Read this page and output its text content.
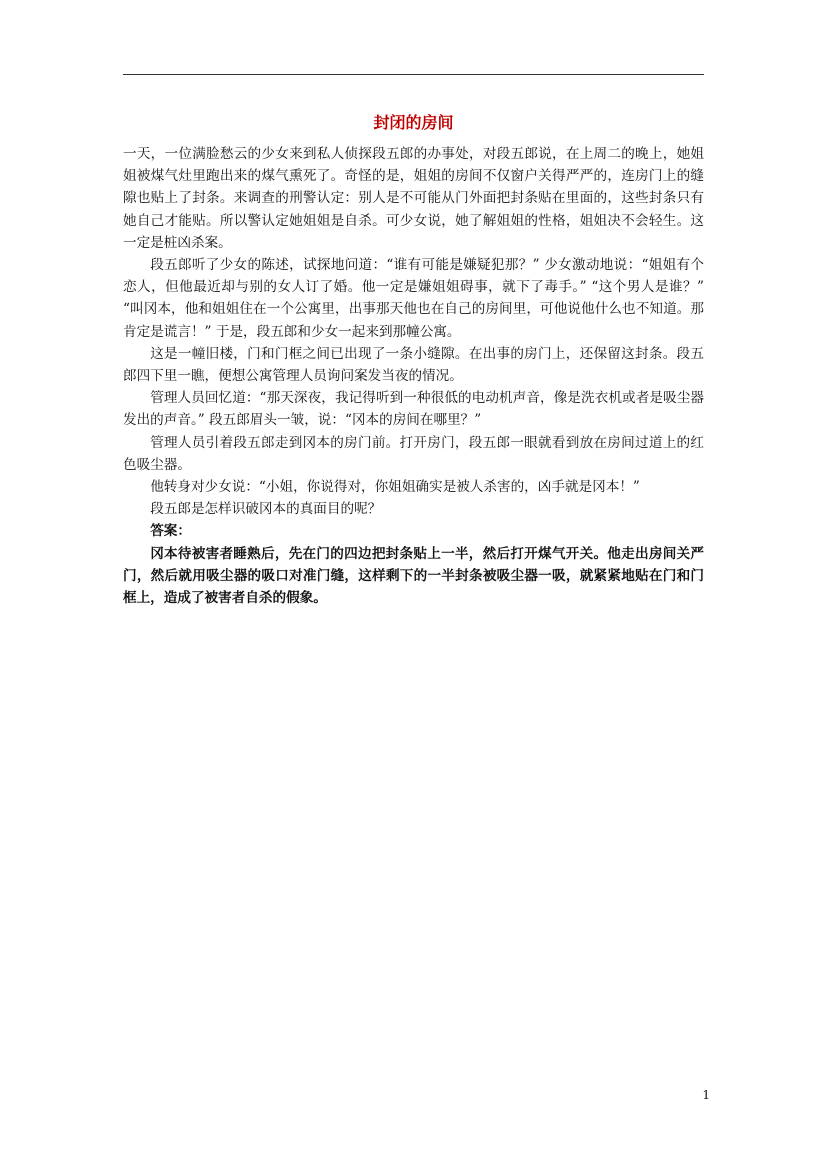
封闭的房间

一天，一位满脸愁云的少女来到私人侦探段五郎的办事处，对段五郎说，在上周二的晚上，她姐姐被煤气灶里跑出来的煤气熏死了。奇怪的是，姐姐的房间不仅窗户关得严严的，连房门上的缝隙也贴上了封条。来调查的刑警认定：别人是不可能从门外面把封条贴在里面的，这些封条只有她自己才能贴。所以警认定她姐姐是自杀。可少女说，她了解姐姐的性格，姐姐决不会轻生。这一定是桩凶杀案。

段五郎听了少女的陈述，试探地问道：“谁有可能是嫌疑犯那？” 少女激动地说：“姐姐有个恋人，但他最近却与别的女人订了婚。他一定是嫌姐姐碍事，就下了毒手。” “这个男人是谁？” “叫冈本，他和姐姐住在一个公寓里，出事那天他也在自己的房间里，可他说他什么也不知道。那肯定是谎言！” 于是，段五郎和少女一起来到那幢公寓。

这是一幢旧楼，门和门框之间已出现了一条小缝隙。在出事的房门上，还保留这封条。段五郎四下里一瞧，便想公寓管理人员询问案发当夜的情况。

管理人员回忆道：“那天深夜，我记得听到一种很低的电动机声音，像是洗衣机或者是吸尘器发出的声音。” 段五郎眉头一皱，说：“冈本的房间在哪里？”

管理人员引着段五郎走到冈本的房门前。打开房门，段五郎一眼就看到放在房间过道上的红色吸尘器。

他转身对少女说：“小姐，你说得对，你姐姐确实是被人杀害的，凶手就是冈本！”

段五郎是怎样识破冈本的真面目的呢？

答案：

冈本待被害者睡熟后，先在门的四边把封条贴上一半，然后打开煤气开关。他走出房间关严门，然后就用吸尘器的吸口对准门缝，这样剩下的一半封条被吸尘器一吸，就紧紧地贴在门和门框上，造成了被害者自杀的假象。

1
